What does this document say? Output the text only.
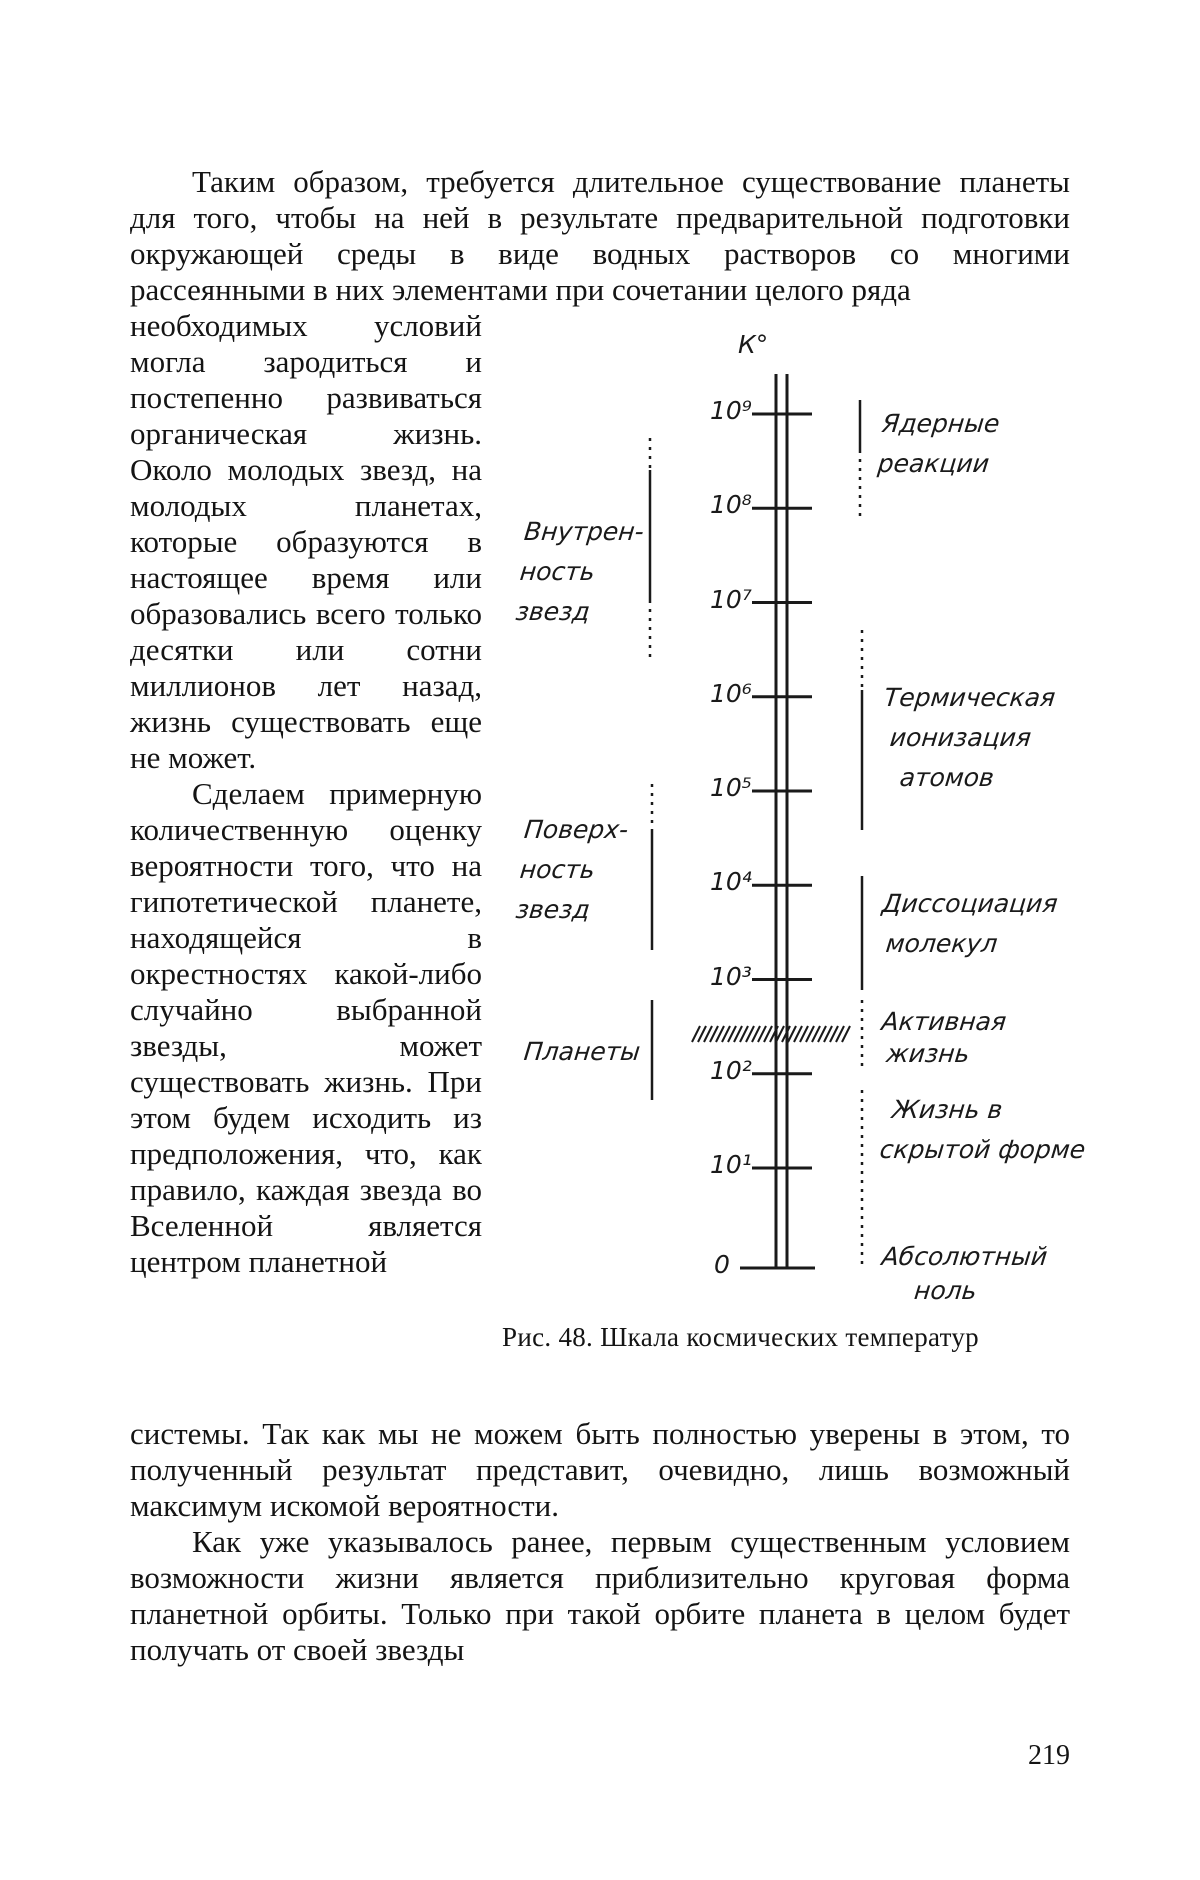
Таким образом, требуется длительное существование планеты для того, чтобы на ней в результате предварительной подготовки окружающей среды в виде водных растворов со многими рассеянными в них элементами при сочетании целого ряда

необходимых условий могла зародиться и постепенно развиваться органическая жизнь. Около молодых звезд, на молодых планетах, которые образуются в настоящее время или образовались всего только десятки или сотни миллионов лет назад, жизнь существовать еще не может.

Сделаем примерную количественную оценку вероятности того, что на гипотетической планете, находящейся в окрестностях какой-либо случайно выбранной звезды, может существовать жизнь. При этом будем исходить из предположения, что, как правило, каждая звезда во Вселенной является центром планетной

системы. Так как мы не можем быть полностью уверены в этом, то полученный результат представит, очевидно, лишь возможный максимум искомой вероятности.

Как уже указывалось ранее, первым существенным условием возможности жизни является приблизительно круговая форма планетной орбиты. Только при такой орбите планета в целом будет получать от своей звезды

К°
10⁹
10⁸
10⁷
10⁶
10⁵
10⁴
10³
10²
10¹
0
Внутрен-
ность
звезд
Поверх-
ность
звезд
Планеты
Ядерные
реакции
Термическая
ионизация
атомов
Диссоциация
молекул
Активная
жизнь
Жизнь в
скрытой форме
Абсолютный
ноль
Рис. 48. Шкала космических температур
219
